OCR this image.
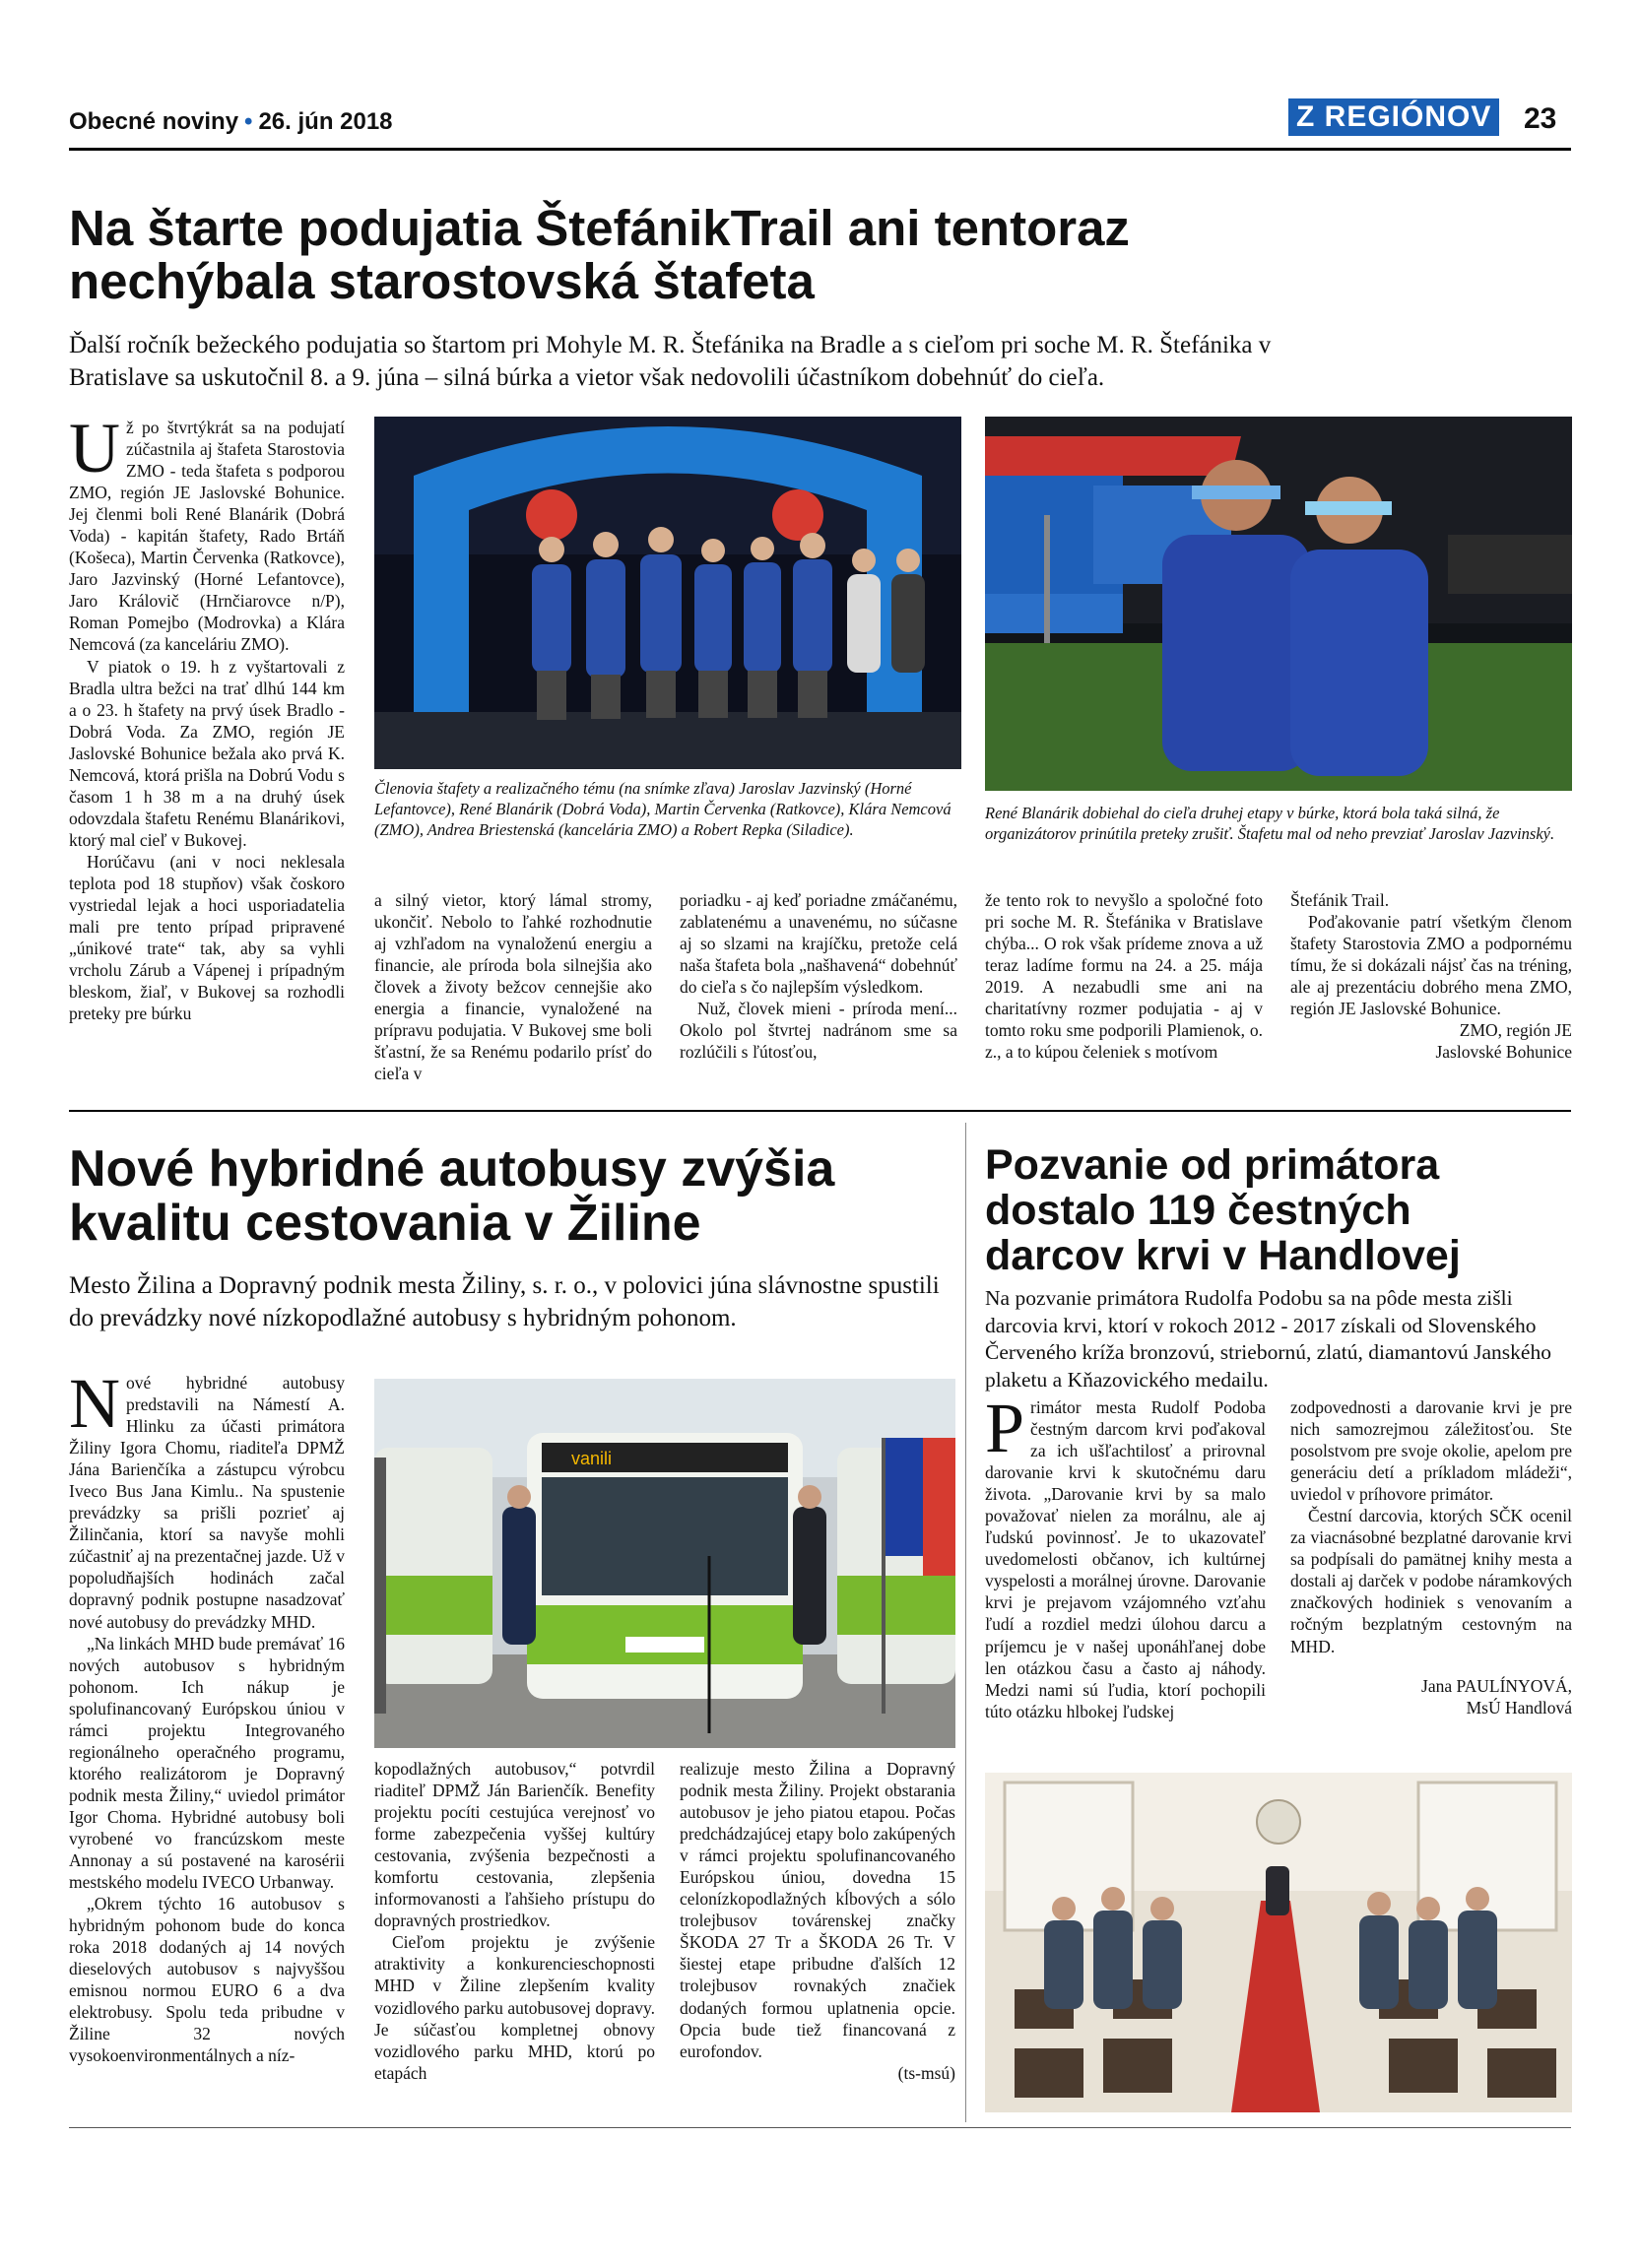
Obecné noviny • 26. jún 2018	Z REGIÓNOV 23
Na štarte podujatia ŠtefánikTrail ani tentoraz
nechýbala starostovská štafeta
Ďalší ročník bežeckého podujatia so štartom pri Mohyle M. R. Štefánika na Bradle a s cieľom pri soche M. R. Štefánika v
Bratislave sa uskutočnil 8. a 9. júna – silná búrka a vietor však nedovolili účastníkom dobehnúť do cieľa.
U ž po štvrtýkrát sa na podujatí zúčastnila aj štafeta Starostovia ZMO - teda štafeta s podporou ZMO, región JE Jaslovské Bohunice. Jej členmi boli René Blanárik (Dobrá Voda) - kapitán štafety, Rado Brtáň (Košeca), Martin Červenka (Ratkovce), Jaro Jazvinský (Horné Lefantovce), Jaro Královič (Hrnčiarovce n/P), Roman Pomejbo (Modrovka) a Klára Nemcová (za kanceláriu ZMO).

V piatok o 19. h z vyštartovali z Bradla ultra bežci na trať dlhú 144 km a o 23. h štafety na prvý úsek Bradlo - Dobrá Voda. Za ZMO, región JE Jaslovské Bohunice bežala ako prvá K. Nemcová, ktorá prišla na Dobrú Vodu s časom 1 h 38 m a na druhý úsek odovzdala štafetu Renému Blanárikovi, ktorý mal cieľ v Bukovej.

Horúčavu (ani v noci neklesala teplota pod 18 stupňov) však čoskoro vystriedal lejak a hoci usporiadatelia mali pre tento prípad pripravené „únikové trate“ tak, aby sa vyhli vrcholu Zárub a Vápenej i prípadným bleskom, žiaľ, v Bukovej sa rozhodli preteky pre búrku

Členovia štafety a realizačného tému (na snímke zľava) Jaroslav Jazvinský (Horné Lefantovce), René Blanárik (Dobrá Voda), Martin Červenka (Ratkovce), Klára Nemcová (ZMO), Andrea Briestenská (kancelária ZMO) a Robert Repka (Siladice).
René Blanárik dobiehal do cieľa druhej etapy v búrke, ktorá bola taká silná, že organizátorov prinútila preteky zrušiť. Štafetu mal od neho prevziať Jaroslav Jazvinský.

a silný vietor, ktorý lámal stromy, ukončiť. Nebolo to ľahké rozhodnutie aj vzhľadom na vynaloženú energiu a financie, ale príroda bola silnejšia ako človek a životy bežcov cennejšie ako energia a financie, vynaložené na prípravu podujatia. V Bukovej sme boli šťastní, že sa Renému podarilo prísť do cieľa v

poriadku - aj keď poriadne zmáčanému, zablatenému a unavenému, no súčasne aj so slzami na krajíčku, pretože celá naša štafeta bola „našhavená“ dobehnúť do cieľa s čo najlepším výsledkom.

Nuž, človek mieni - príroda mení... Okolo pol štvrtej nadránom sme sa rozlúčili s ľútosťou,

že tento rok to nevyšlo a spoločné foto pri soche M. R. Štefánika v Bratislave chýba... O rok však prídeme znova a už teraz ladíme formu na 24. a 25. mája 2019. A nezabudli sme ani na charitatívny rozmer podujatia - aj v tomto roku sme podporili Plamienok, o. z., a to kúpou čeleniek s motívom

Štefánik Trail.

Poďakovanie patrí všetkým členom štafety Starostovia ZMO a podpornému tímu, že si dokázali nájsť čas na tréning, ale aj prezentáciu dobrého mena ZMO, región JE Jaslovské Bohunice.

ZMO, región JE
Jaslovské Bohunice
Nové hybridné autobusy zvýšia
kvalitu cestovania v Žiline
Mesto Žilina a Dopravný podnik mesta Žiliny, s. r. o., v polovici júna slávnostne spustili do prevádzky nové nízkopodlažné autobusy s hybridným pohonom.
N ové hybridné autobusy predstavili na Námestí A. Hlinku za účasti primátora Žiliny Igora Chomu, riaditeľa DPMŽ Jána Barienčíka a zástupcu výrobcu Iveco Bus Jana Kimlu.. Na spustenie prevádzky sa prišli pozrieť aj Žilinčania, ktorí sa navyše mohli zúčastniť aj na prezentačnej jazde. Už v popoludňajších hodinách začal dopravný podnik postupne nasadzovať nové autobusy do prevádzky MHD.

„Na linkách MHD bude premávať 16 nových autobusov s hybridným pohonom. Ich nákup je spolufinancovaný Európskou úniou v rámci projektu Integrovaného regionálneho operačného programu, ktorého realizátorom je Dopravný podnik mesta Žiliny,“ uviedol primátor Igor Choma. Hybridné autobusy boli vyrobené vo francúzskom meste Annonay a sú postavené na karosérii mestského modelu IVECO Urbanway.

„Okrem týchto 16 autobusov s hybridným pohonom bude do konca roka 2018 dodaných aj 14 nových dieselových autobusov s najvyššou emisnou normou EURO 6 a dva elektrobusy. Spolu teda pribudne v Žiline 32 nových vysokoenvironmentálnych a níz-

vanili

kopodlažných autobusov,“ potvrdil riaditeľ DPMŽ Ján Barienčík. Benefity projektu pocíti cestujúca verejnosť vo forme zabezpečenia vyššej kultúry cestovania, zvýšenia bezpečnosti a komfortu cestovania, zlepšenia informovanosti a ľahšieho prístupu do dopravných prostriedkov.

Cieľom projektu je zvýšenie atraktivity a konkurencieschopnosti MHD v Žiline zlepšením kvality vozidlového parku autobusovej dopravy. Je súčasťou kompletnej obnovy vozidlového parku MHD, ktorú po etapách

realizuje mesto Žilina a Dopravný podnik mesta Žiliny. Projekt obstarania autobusov je jeho piatou etapou. Počas predchádzajúcej etapy bolo zakúpených v rámci projektu spolufinancovaného Európskou úniou, dovedna 15 celonízkopodlažných kĺbových a sólo trolejbusov továrenskej značky ŠKODA 27 Tr a ŠKODA 26 Tr. V šiestej etape pribudne ďalších 12 trolejbusov rovnakých značiek dodaných formou uplatnenia opcie. Opcia bude tiež financovaná z eurofondov.

(ts-msú)
Pozvanie od primátora
dostalo 119 čestných
darcov krvi v Handlovej
Na pozvanie primátora Rudolfa Podobu sa na pôde mesta zišli darcovia krvi, ktorí v rokoch 2012 - 2017 získali od Slovenského Červeného kríža bronzovú, striebornú, zlatú, diamantovú Janského plaketu a Kňazovického medailu.
P rimátor mesta Rudolf Podoba čestným darcom krvi poďakoval za ich ušľachtilosť a prirovnal darovanie krvi k skutočnému daru života. „Darovanie krvi by sa malo považovať nielen za morálnu, ale aj ľudskú povinnosť. Je to ukazovateľ uvedomelosti občanov, ich kultúrnej vyspelosti a morálnej úrovne. Darovanie krvi je prejavom vzájomného vzťahu ľudí a rozdiel medzi úlohou darcu a príjemcu je v našej uponáhľanej dobe len otázkou času a často aj náhody. Medzi nami sú ľudia, ktorí pochopili túto otázku hlbokej ľudskej

zodpovednosti a darovanie krvi je pre nich samozrejmou záležitosťou. Ste posolstvom pre svoje okolie, apelom pre generáciu detí a príkladom mládeži“, uviedol v príhovore primátor.

Čestní darcovia, ktorých SČK ocenil za viacnásobné bezplatné darovanie krvi sa podpísali do pamätnej knihy mesta a dostali aj darček v podobe náramkových značkových hodiniek s venovaním a ročným bezplatným cestovným na MHD.

Jana PAULÍNYOVÁ,
MsÚ Handlová
